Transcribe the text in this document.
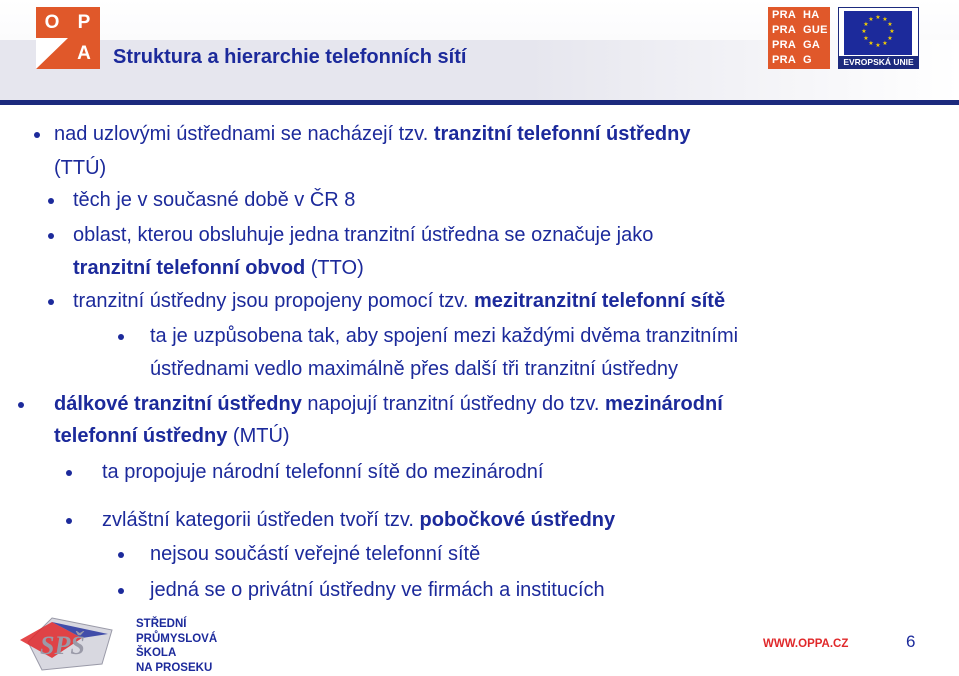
O P
A	Struktura a hierarchie telefonních sítí
PRA HA
PRA GUE
PRA GA
PRA G
★ ★
★
★
★
★
★
★
★
★
★
★
EVROPSKÁ UNIE
nad uzlovými ústřednami se nacházejí tzv. tranzitní telefonní ústředny
(TTÚ)
těch je v současné době v ČR 8
oblast, kterou obsluhuje jedna tranzitní ústředna se označuje jako
tranzitní telefonní obvod (TTO)
tranzitní ústředny jsou propojeny pomocí tzv. mezitranzitní telefonní sítě
ta je uzpůsobena tak, aby spojení mezi každými dvěma tranzitními
ústřednami vedlo maximálně přes další tři tranzitní ústředny
dálkové tranzitní ústředny napojují tranzitní ústředny do tzv. mezinárodní
telefonní ústředny (MTÚ)
ta propojuje národní telefonní sítě do mezinárodní
zvláštní kategorii ústředen tvoří tzv. pobočkové ústředny
nejsou součástí veřejné telefonní sítě
jedná se o privátní ústředny ve firmách a institucích
SPŠ
STŘEDNÍ
PRŮMYSLOVÁ
ŠKOLA
NA PROSEKU
WWW.OPPA.CZ	6
